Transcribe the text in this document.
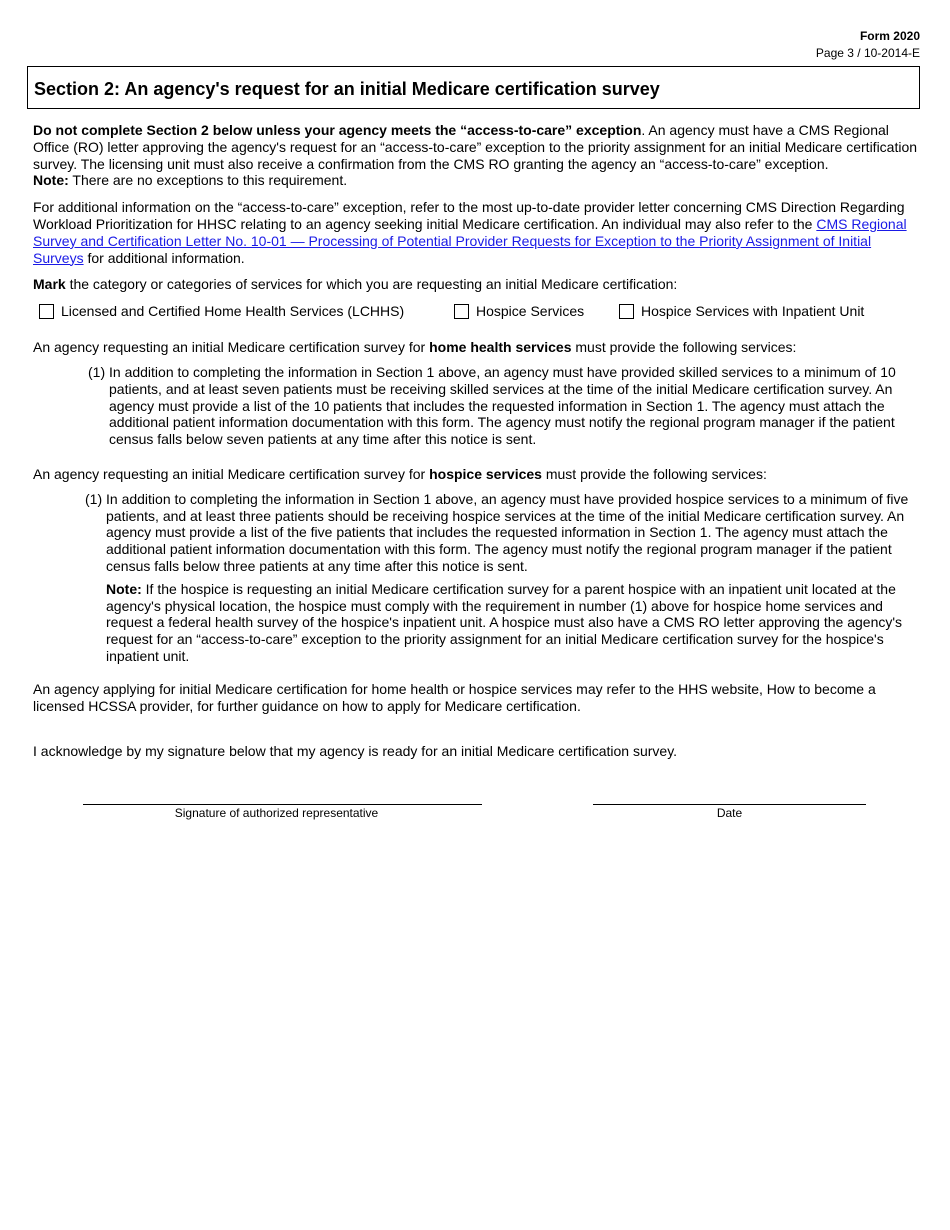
Form 2020
Page 3 / 10-2014-E
Section 2: An agency's request for an initial Medicare certification survey

Do not complete Section 2 below unless your agency meets the “access-to-care” exception. An agency must have a CMS Regional Office (RO) letter approving the agency's request for an “access-to-care” exception to the priority assignment for an initial Medicare certification survey. The licensing unit must also receive a confirmation from the CMS RO granting the agency an “access-to-care” exception.
Note: There are no exceptions to this requirement.

For additional information on the “access-to-care” exception, refer to the most up-to-date provider letter concerning CMS Direction Regarding Workload Prioritization for HHSC relating to an agency seeking initial Medicare certification. An individual may also refer to the CMS Regional Survey and Certification Letter No. 10-01 — Processing of Potential Provider Requests for Exception to the Priority Assignment of Initial Surveys for additional information.

Mark the category or categories of services for which you are requesting an initial Medicare certification:

Licensed and Certified Home Health Services (LCHHS)	Hospice Services	Hospice Services with Inpatient Unit

An agency requesting an initial Medicare certification survey for home health services must provide the following services:

(1) In addition to completing the information in Section 1 above, an agency must have provided skilled services to a minimum of 10 patients, and at least seven patients must be receiving skilled services at the time of the initial Medicare certification survey. An agency must provide a list of the 10 patients that includes the requested information in Section 1. The agency must attach the additional patient information documentation with this form. The agency must notify the regional program manager if the patient census falls below seven patients at any time after this notice is sent.

An agency requesting an initial Medicare certification survey for hospice services must provide the following services:

(1) In addition to completing the information in Section 1 above, an agency must have provided hospice services to a minimum of five patients, and at least three patients should be receiving hospice services at the time of the initial Medicare certification survey. An agency must provide a list of the five patients that includes the requested information in Section 1. The agency must attach the additional patient information documentation with this form. The agency must notify the regional program manager if the patient census falls below three patients at any time after this notice is sent.

Note: If the hospice is requesting an initial Medicare certification survey for a parent hospice with an inpatient unit located at the agency's physical location, the hospice must comply with the requirement in number (1) above for hospice home services and request a federal health survey of the hospice's inpatient unit. A hospice must also have a CMS RO letter approving the agency's request for an “access-to-care” exception to the priority assignment for an initial Medicare certification survey for the hospice's inpatient unit.

An agency applying for initial Medicare certification for home health or hospice services may refer to the HHS website, How to become a licensed HCSSA provider, for further guidance on how to apply for Medicare certification.

I acknowledge by my signature below that my agency is ready for an initial Medicare certification survey.

Signature of authorized representative	Date
